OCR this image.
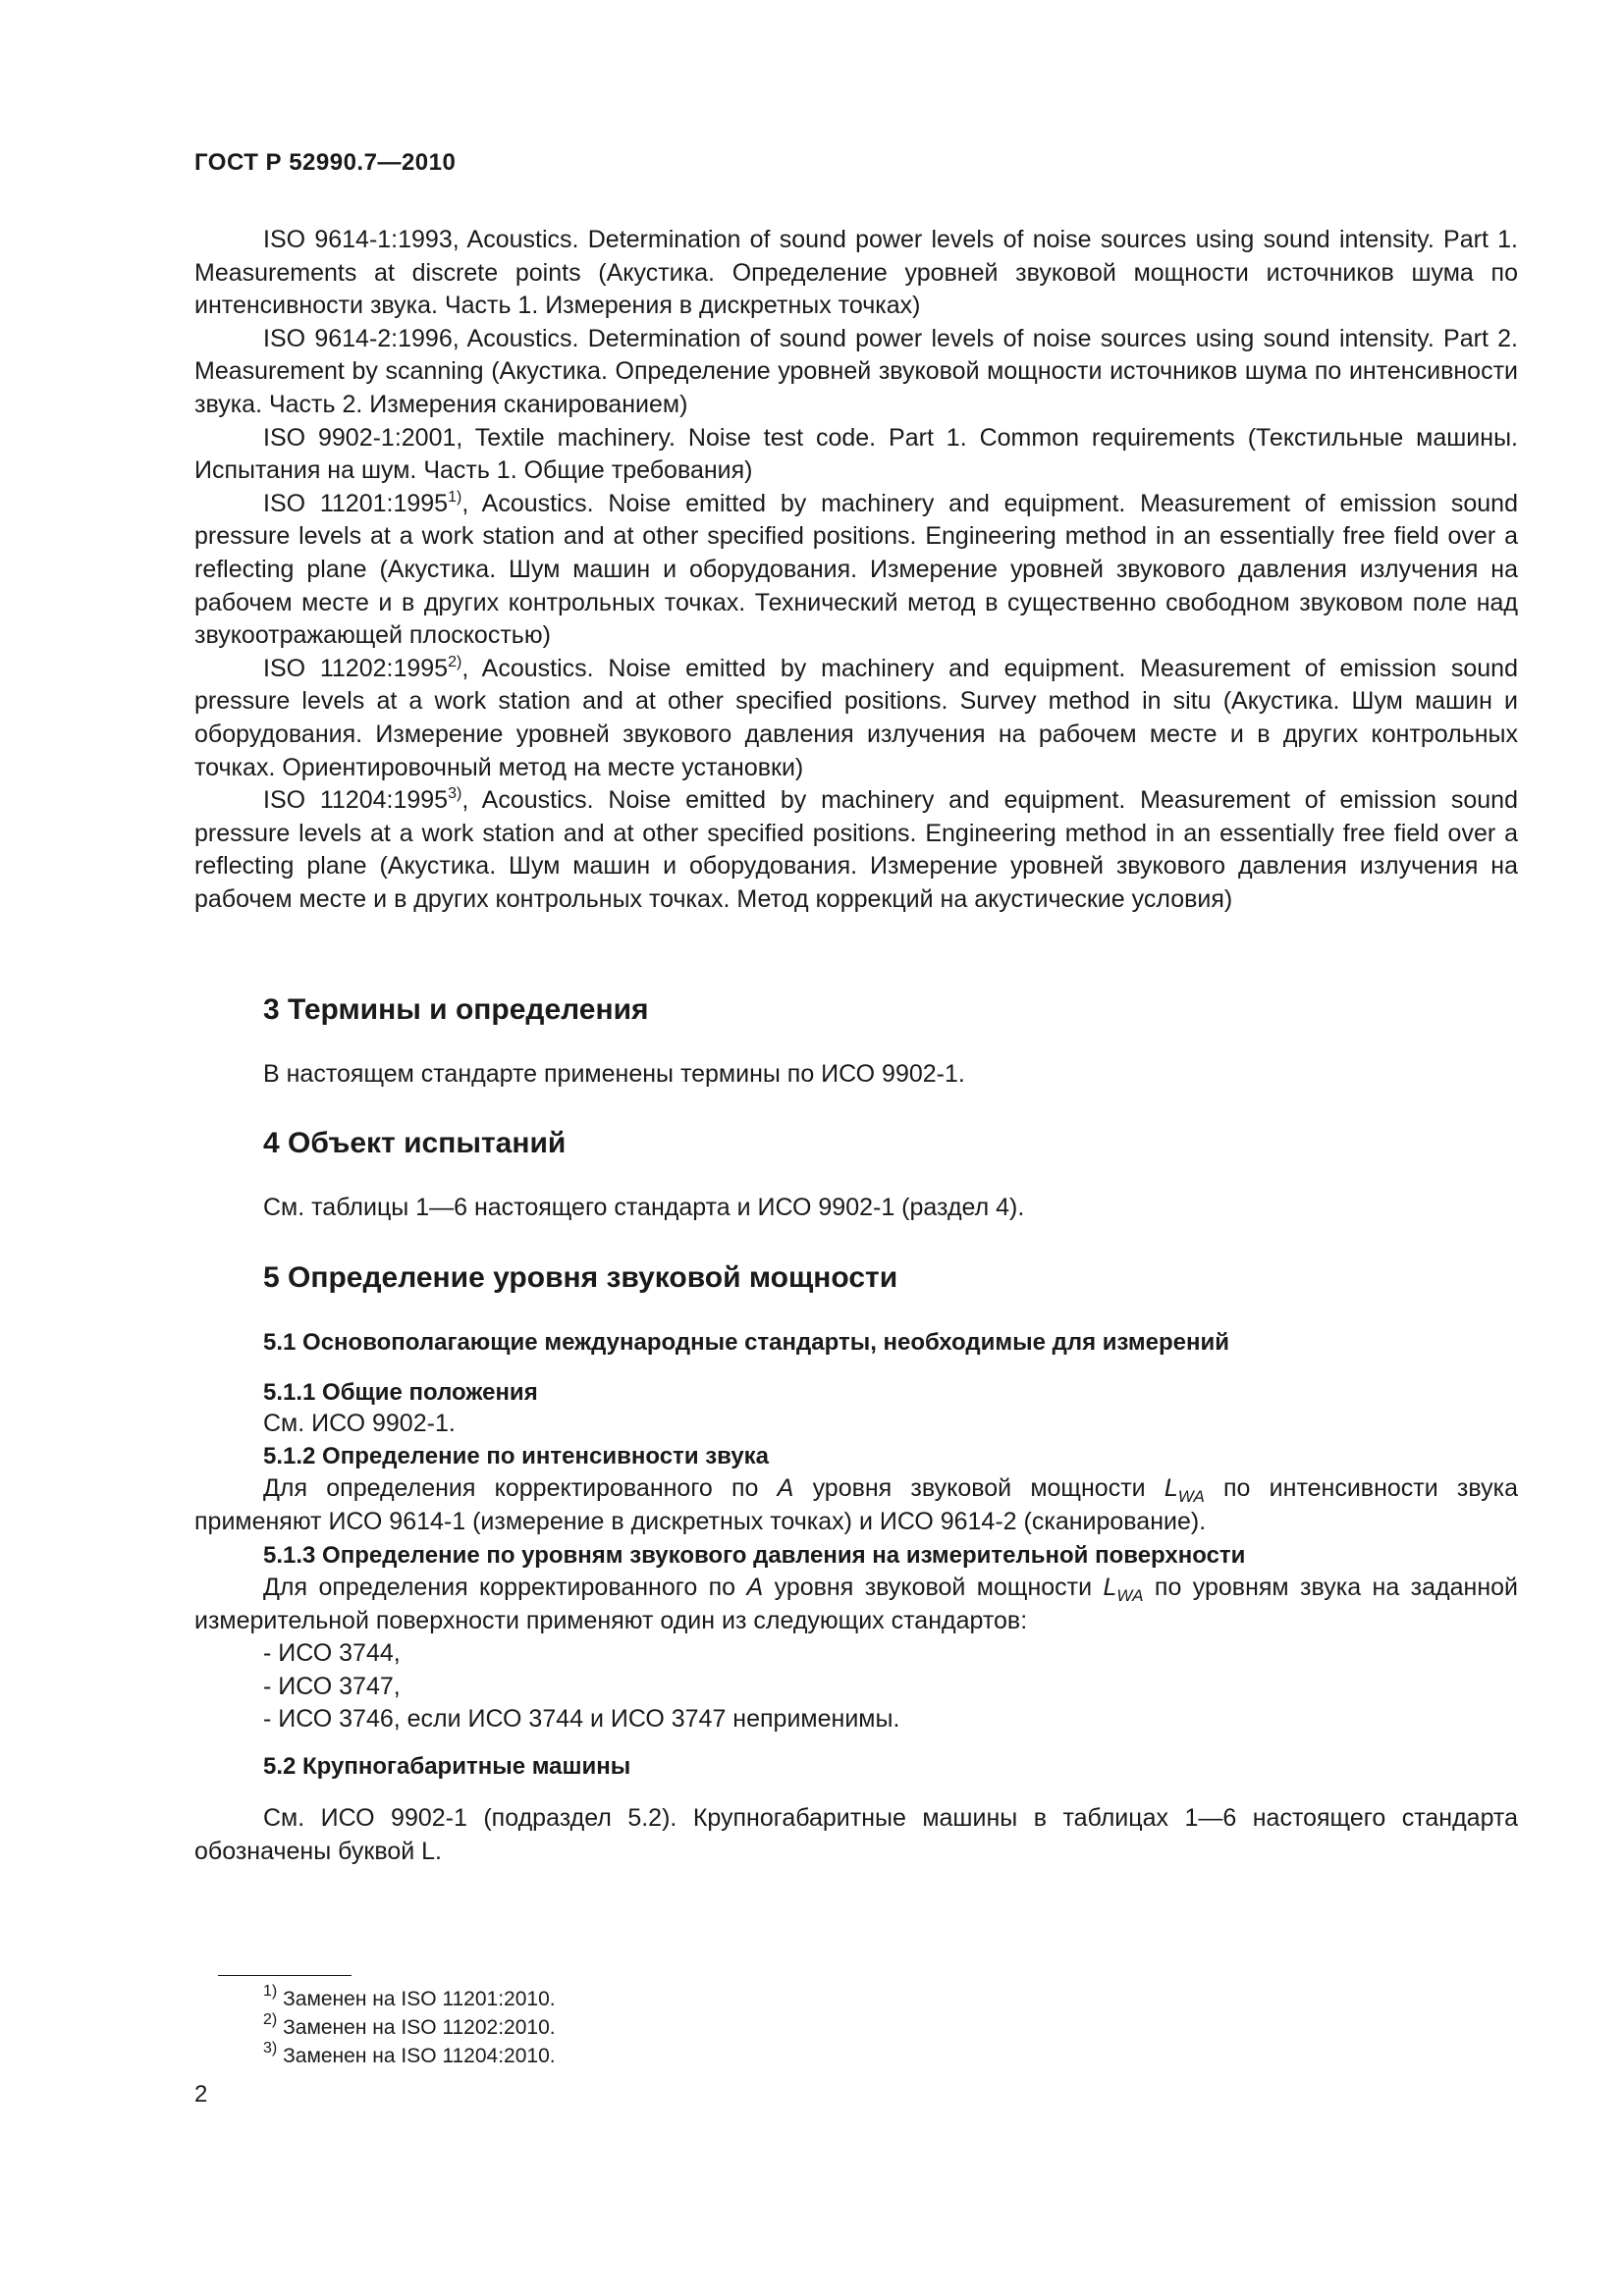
ГОСТ Р 52990.7—2010

ISO 9614-1:1993, Acoustics. Determination of sound power levels of noise sources using sound intensity. Part 1. Measurements at discrete points (Акустика. Определение уровней звуковой мощности источников шума по интенсивности звука. Часть 1. Измерения в дискретных точках)

ISO 9614-2:1996, Acoustics. Determination of sound power levels of noise sources using sound intensity. Part 2. Measurement by scanning (Акустика. Определение уровней звуковой мощности источников шума по интенсивности звука. Часть 2. Измерения сканированием)

ISO 9902-1:2001, Textile machinery. Noise test code. Part 1. Common requirements (Текстильные машины. Испытания на шум. Часть 1. Общие требования)

ISO 11201:1995$^{1)}$, Acoustics. Noise emitted by machinery and equipment. Measurement of emission sound pressure levels at a work station and at other specified positions. Engineering method in an essentially free field over a reflecting plane (Акустика. Шум машин и оборудования. Измерение уровней звукового давления излучения на рабочем месте и в других контрольных точках. Технический метод в существенно свободном звуковом поле над звукоотражающей плоскостью)

ISO 11202:1995$^{2)}$, Acoustics. Noise emitted by machinery and equipment. Measurement of emission sound pressure levels at a work station and at other specified positions. Survey method in situ (Акустика. Шум машин и оборудования. Измерение уровней звукового давления излучения на рабочем месте и в других контрольных точках. Ориентировочный метод на месте установки)

ISO 11204:1995$^{3)}$, Acoustics. Noise emitted by machinery and equipment. Measurement of emission sound pressure levels at a work station and at other specified positions. Engineering method in an essentially free field over a reflecting plane (Акустика. Шум машин и оборудования. Измерение уровней звукового давления излучения на рабочем месте и в других контрольных точках. Метод коррекций на акустические условия)

3 Термины и определения
В настоящем стандарте применены термины по ИСО 9902-1.
4 Объект испытаний
См. таблицы 1—6 настоящего стандарта и ИСО 9902-1 (раздел 4).
5 Определение уровня звуковой мощности
5.1 Основополагающие международные стандарты, необходимые для измерений
5.1.1 Общие положения
См. ИСО 9902-1.
5.1.2 Определение по интенсивности звука

Для определения корректированного по A уровня звуковой мощности $L_{WA}$ по интенсивности звука применяют ИСО 9614-1 (измерение в дискретных точках) и ИСО 9614-2 (сканирование).

5.1.3 Определение по уровням звукового давления на измерительной поверхности

Для определения корректированного по A уровня звуковой мощности $L_{WA}$ по уровням звука на заданной измерительной поверхности применяют один из следующих стандартов:

- ИСО 3744,
- ИСО 3747,
- ИСО 3746, если ИСО 3744 и ИСО 3747 неприменимы.
5.2 Крупногабаритные машины

См. ИСО 9902-1 (подраздел 5.2). Крупногабаритные машины в таблицах 1—6 настоящего стандарта обозначены буквой L.

$^{1)}$ Заменен на ISO 11201:2010.
$^{2)}$ Заменен на ISO 11202:2010.
$^{3)}$ Заменен на ISO 11204:2010.
2
